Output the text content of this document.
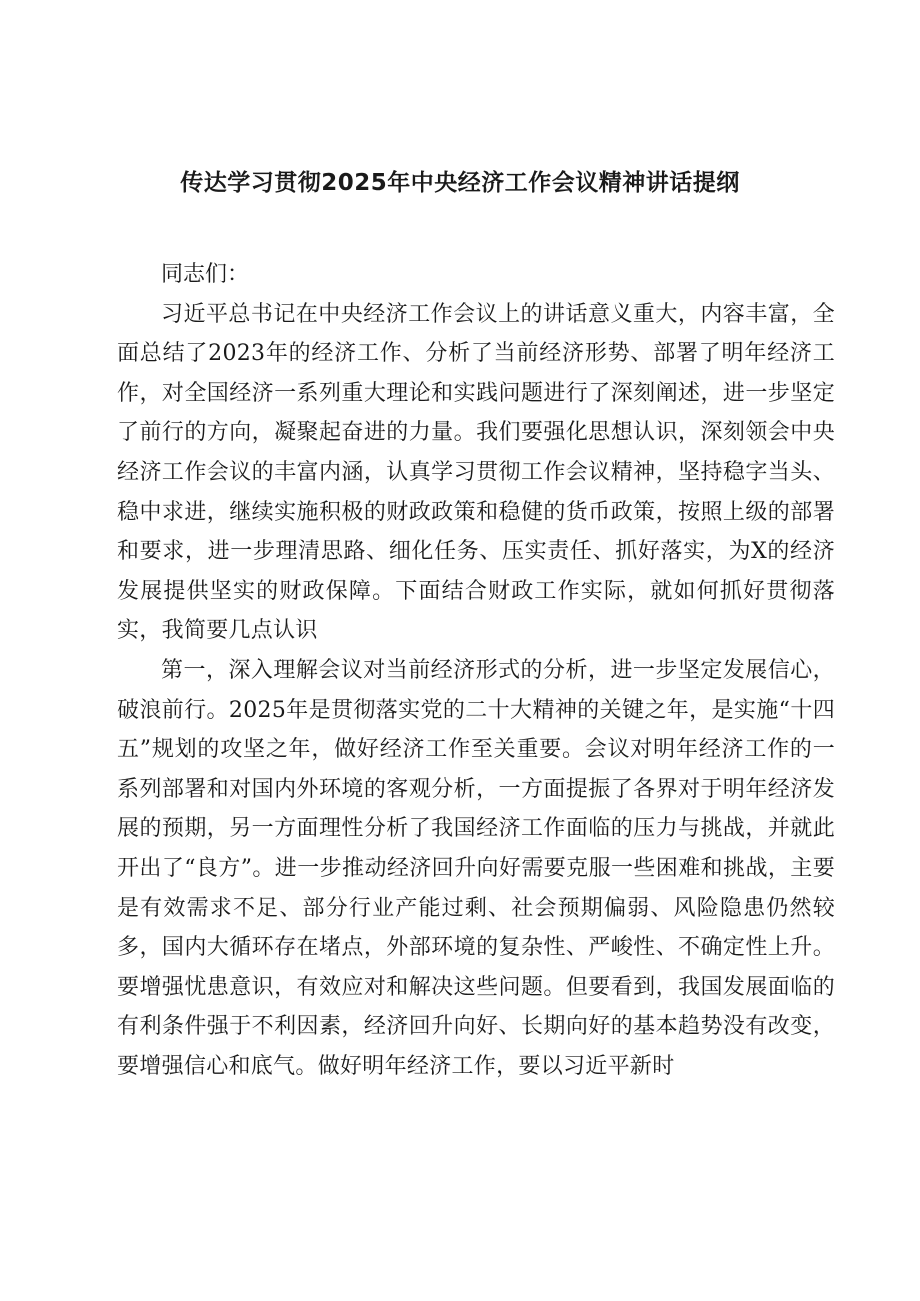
传达学习贯彻2025年中央经济工作会议精神讲话提纲

同志们：

习近平总书记在中央经济工作会议上的讲话意义重大，内容丰富，全面总结了2023年的经济工作、分析了当前经济形势、部署了明年经济工作，对全国经济一系列重大理论和实践问题进行了深刻阐述，进一步坚定了前行的方向，凝聚起奋进的力量。我们要强化思想认识，深刻领会中央经济工作会议的丰富内涵，认真学习贯彻工作会议精神，坚持稳字当头、稳中求进，继续实施积极的财政政策和稳健的货币政策，按照上级的部署和要求，进一步理清思路、细化任务、压实责任、抓好落实，为X的经济发展提供坚实的财政保障。下面结合财政工作实际，就如何抓好贯彻落实，我简要几点认识

第一，深入理解会议对当前经济形式的分析，进一步坚定发展信心，破浪前行。2025年是贯彻落实党的二十大精神的关键之年，是实施“十四五”规划的攻坚之年，做好经济工作至关重要。会议对明年经济工作的一系列部署和对国内外环境的客观分析，一方面提振了各界对于明年经济发展的预期，另一方面理性分析了我国经济工作面临的压力与挑战，并就此开出了“良方”。进一步推动经济回升向好需要克服一些困难和挑战，主要是有效需求不足、部分行业产能过剩、社会预期偏弱、风险隐患仍然较多，国内大循环存在堵点，外部环境的复杂性、严峻性、不确定性上升。要增强忧患意识，有效应对和解决这些问题。但要看到，我国发展面临的有利条件强于不利因素，经济回升向好、长期向好的基本趋势没有改变，要增强信心和底气。做好明年经济工作，要以习近平新时
